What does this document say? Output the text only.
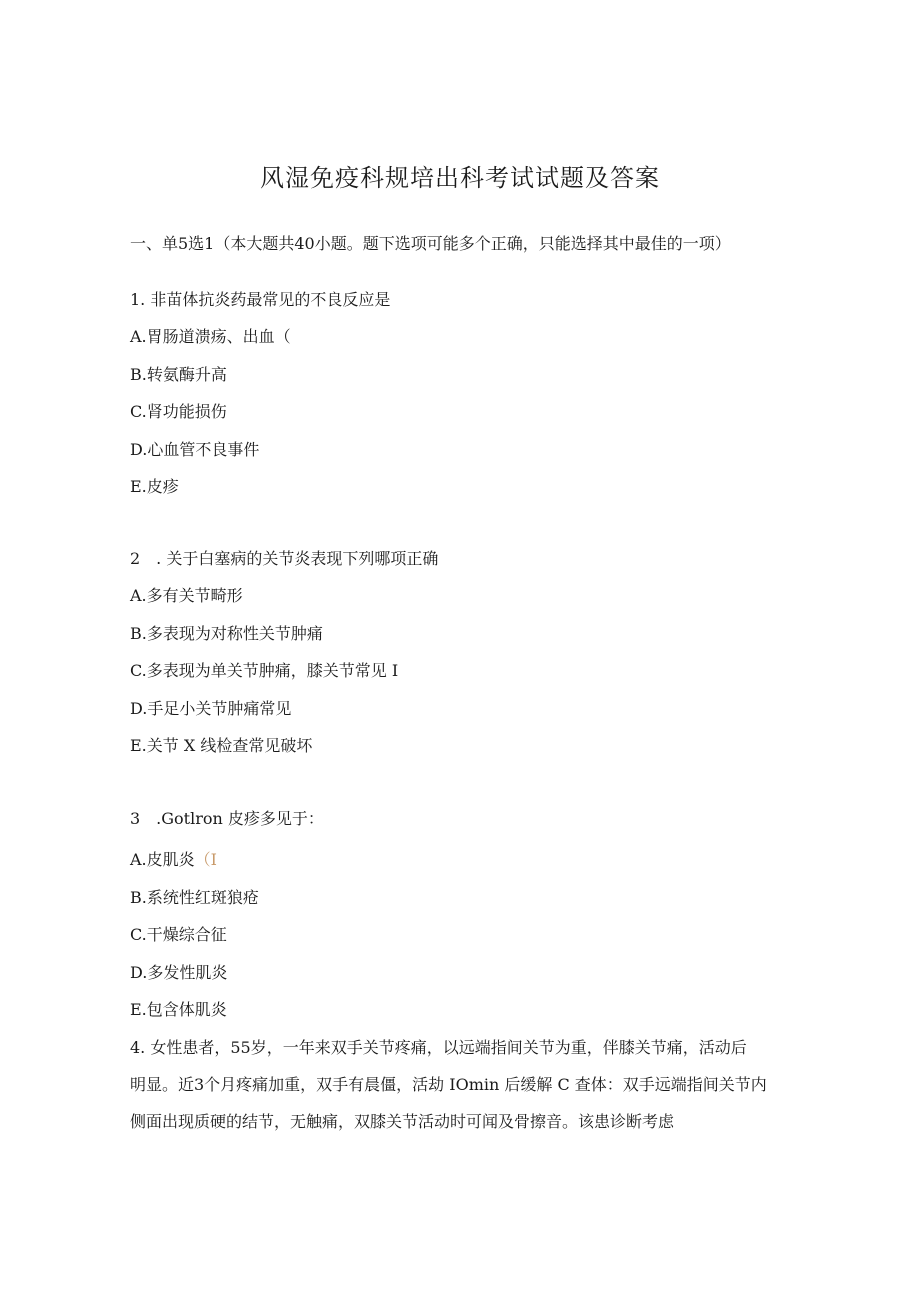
风湿免疫科规培出科考试试题及答案
一、单5选1（本大题共40小题。题下选项可能多个正确，只能选择其中最佳的一项）
1. 非苗体抗炎药最常见的不良反应是
A.胃肠道溃疡、出血（
B.转氨酶升高
C.肾功能损伤
D.心血管不良事件
E.皮疹
2　. 关于白塞病的关节炎表现下列哪项正确
A.多有关节畸形
B.多表现为对称性关节肿痛
C.多表现为单关节肿痛，膝关节常见 I
D.手足小关节肿痛常见
E.关节 X 线检查常见破坏
3　.Gotlron 皮疹多见于：
A.皮肌炎（I
B.系统性红斑狼疮
C.干燥综合征
D.多发性肌炎
E.包含体肌炎
4. 女性患者，55岁，一年来双手关节疼痛，以远端指间关节为重，伴膝关节痛，活动后
明显。近3个月疼痛加重，双手有晨僵，活劫 IOmin 后缓解 C 查体：双手远端指间关节内
侧面出现质硬的结节，无触痛，双膝关节活动时可闻及骨擦音。该患诊断考虑
